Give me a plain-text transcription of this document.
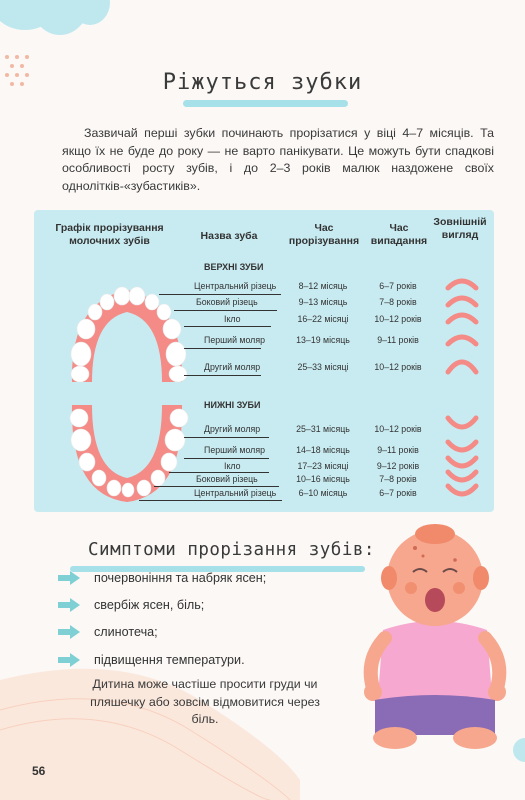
Ріжуться зубки
Зазвичай перші зубки починають прорізатися у віці 4–7 місяців. Та якщо їх не буде до року — не варто панікувати. Це можуть бути спадкові особливості росту зубів, і до 2–3 років малюк наздожене своїх однолітків-«зубастиків».
Графік прорізування молочних зубів	Назва зуба
Час прорізування
Час випадання
Зовнішній вигляд
ВЕРХНІ ЗУБИ
НИЖНІ ЗУБИ
Центральний різець	8–12 місяць	6–7 років
Боковий різець	9–13 місяць	7–8 років
Ікло	16–22 місяці	10–12 років
Перший моляр	13–19 місяць	9–11 років
Другий моляр	25–33 місяці	10–12 років
Другий моляр	25–31 місяць	10–12 років
Перший моляр	14–18 місяць	9–11 років
Ікло	17–23 місяці	9–12 років
Боковий різець	10–16 місяць	7–8 років
Центральний різець	6–10 місяць	6–7 років
Симптоми прорізання зубів:
почервоніння та набряк ясен;
свербіж ясен, біль;
слинотеча;
підвищення температури.
Дитина може частіше просити груди чи пляшечку або зовсім відмовитися через біль.
56
